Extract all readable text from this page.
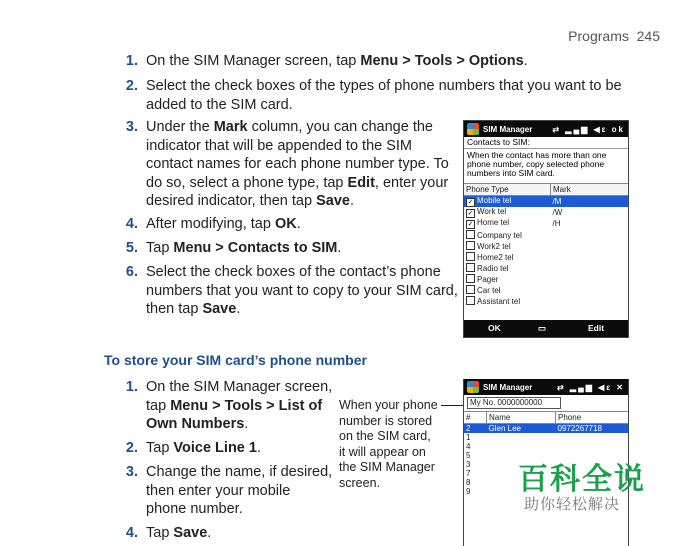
Programs 245
1. On the SIM Manager screen, tap Menu > Tools > Options.
2. Select the check boxes of the types of phone numbers that you want to be
added to the SIM card.
3. Under the Mark column, you can change the
indicator that will be appended to the SIM
contact names for each phone number type. To
do so, select a phone type, tap Edit, enter your
desired indicator, then tap Save.
4. After modifying, tap OK.
5. Tap Menu > Contacts to SIM.
6. Select the check boxes of the contact’s phone
numbers that you want to copy to your SIM card,
then tap Save.
SIM Manager	⇄ ▂▄▆ ◀ε ok
Contacts to SIM:
When the contact has more than one
phone number, copy selected phone
numbers into SIM card.
Phone Type	Mark
✓ Mobile tel	/M
✓ Work tel	/W
✓ Home tel	/H
Company tel	
Work2 tel	
Home2 tel	
Radio tel	
Pager	
Car tel	
Assistant tel	
OK	▭	Edit
To store your SIM card’s phone number
1. On the SIM Manager screen,
tap Menu > Tools > List of
Own Numbers.
2. Tap Voice Line 1.
3. Change the name, if desired,
then enter your mobile
phone number.
4. Tap Save.
When your phone
number is stored
on the SIM card,
it will appear on
the SIM Manager
screen.
SIM Manager	⇄ ▂▄▆ ◀ε ✕
My No. 0000000000
#	Name	Phone
2	Glen Lee	0972267718
1		
4		
5		
3		
7		
8		
9		百科全说
助你轻松解决
